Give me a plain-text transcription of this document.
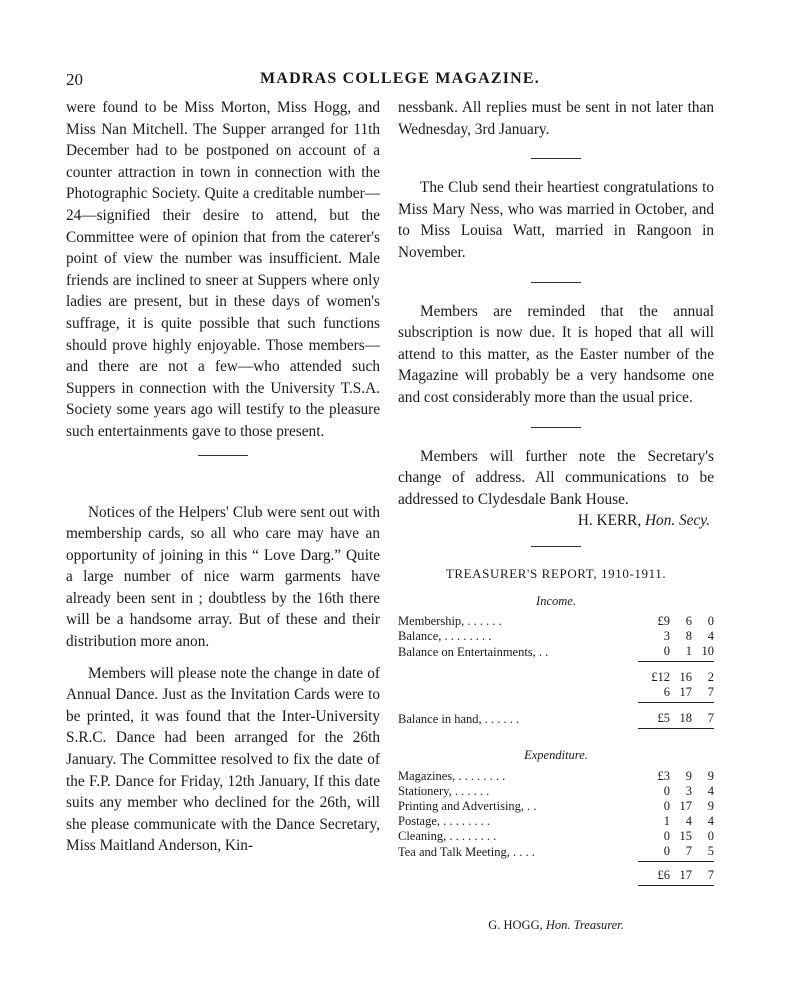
20	MADRAS COLLEGE MAGAZINE.

were found to be Miss Morton, Miss Hogg, and Miss Nan Mitchell. The Supper arranged for 11th December had to be postponed on account of a counter attraction in town in connection with the Photographic Society. Quite a creditable number—24—signified their desire to attend, but the Committee were of opinion that from the caterer's point of view the number was insufficient. Male friends are inclined to sneer at Suppers where only ladies are present, but in these days of women's suffrage, it is quite possible that such functions should prove highly enjoyable. Those members—and there are not a few—who attended such Suppers in connection with the University T.S.A. Society some years ago will testify to the pleasure such entertainments gave to those present.

Notices of the Helpers' Club were sent out with membership cards, so all who care may have an opportunity of joining in this “ Love Darg.” Quite a large number of nice warm garments have already been sent in ; doubtless by the 16th there will be a handsome array. But of these and their distribution more anon.

Members will please note the change in date of Annual Dance. Just as the Invitation Cards were to be printed, it was found that the Inter-University S.R.C. Dance had been arranged for the 26th January. The Committee resolved to fix the date of the F.P. Dance for Friday, 12th January, If this date suits any member who declined for the 26th, will she please communicate with the Dance Secretary, Miss Maitland Anderson, Kin-

nessbank. All replies must be sent in not later than Wednesday, 3rd January.

The Club send their heartiest congratulations to Miss Mary Ness, who was married in October, and to Miss Louisa Watt, married in Rangoon in November.

Members are reminded that the annual subscription is now due. It is hoped that all will attend to this matter, as the Easter number of the Magazine will probably be a very handsome one and cost considerably more than the usual price.

Members will further note the Secretary's change of address. All communications to be addressed to Clydesdale Bank House.

H. KERR, Hon. Secy.

TREASURER'S REPORT, 1910-1911.

Income.
Membership, . . . . . .	£9 6 0

Balance, . . . . . . . .	3 8 4

Balance on Entertainments, . .	0 1 10

	£12 16 2

	6 17 7

Balance in hand, . . . . . .	£5 18 7
Expenditure.
Magazines, . . . . . . . .	£3 9 9

Stationery, . . . . . .	0 3 4

Printing and Advertising, . .	0 17 9

Postage, . . . . . . . .	1 4 4

Cleaning, . . . . . . . .	0 15 0

Tea and Talk Meeting, . . . .	0 7 5

	£6 17 7
G. HOGG, Hon. Treasurer.
